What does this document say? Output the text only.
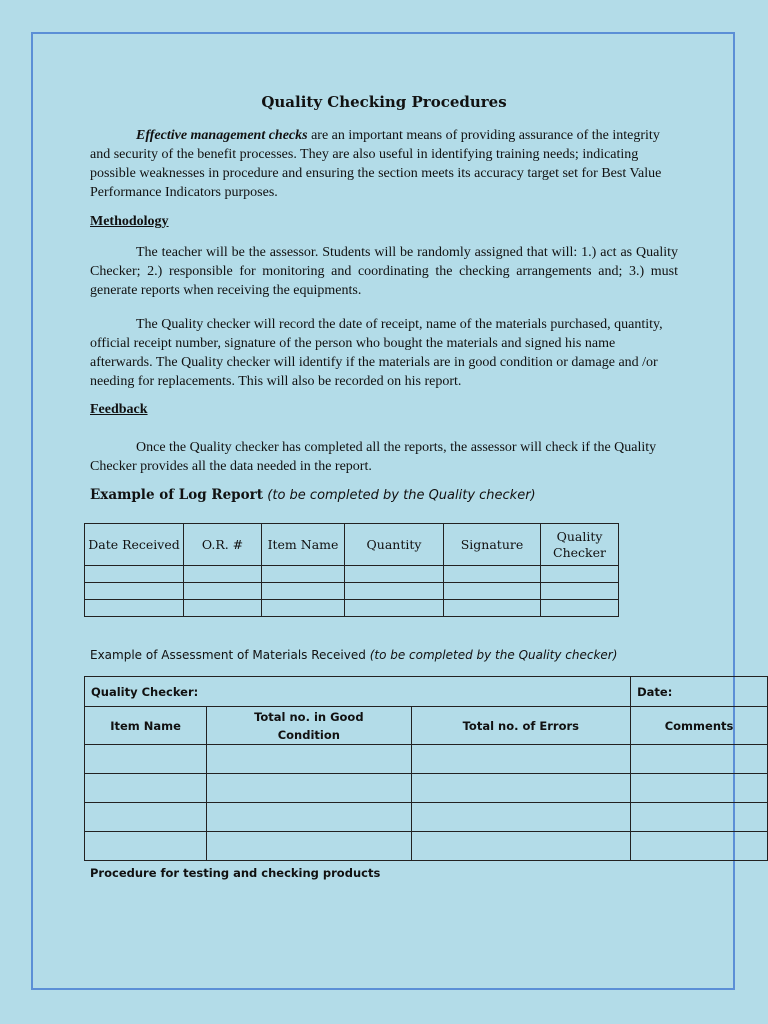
Quality Checking Procedures
Effective management checks are an important means of providing assurance of the integrity and security of the benefit processes. They are also useful in identifying training needs; indicating possible weaknesses in procedure and ensuring the section meets its accuracy target set for Best Value Performance Indicators purposes.
Methodology
The teacher will be the assessor. Students will be randomly assigned that will: 1.) act as Quality Checker; 2.) responsible for monitoring and coordinating the checking arrangements and; 3.) must generate reports when receiving the equipments.
The Quality checker will record the date of receipt, name of the materials purchased, quantity, official receipt number, signature of the person who bought the materials and signed his name afterwards. The Quality checker will identify if the materials are in good condition or damage and /or needing for replacements. This will also be recorded on his report.
Feedback
Once the Quality checker has completed all the reports, the assessor will check if the Quality Checker provides all the data needed in the report.
Example of Log Report (to be completed by the Quality checker)
Date Received	O.R. #	Item Name	Quantity	Signature	Quality Checker

Example of Assessment of Materials Received (to be completed by the Quality checker)
Quality Checker:			Date:
Item Name	Total no. in Good Condition	Total no. of Errors	Comments

Procedure for testing and checking products
